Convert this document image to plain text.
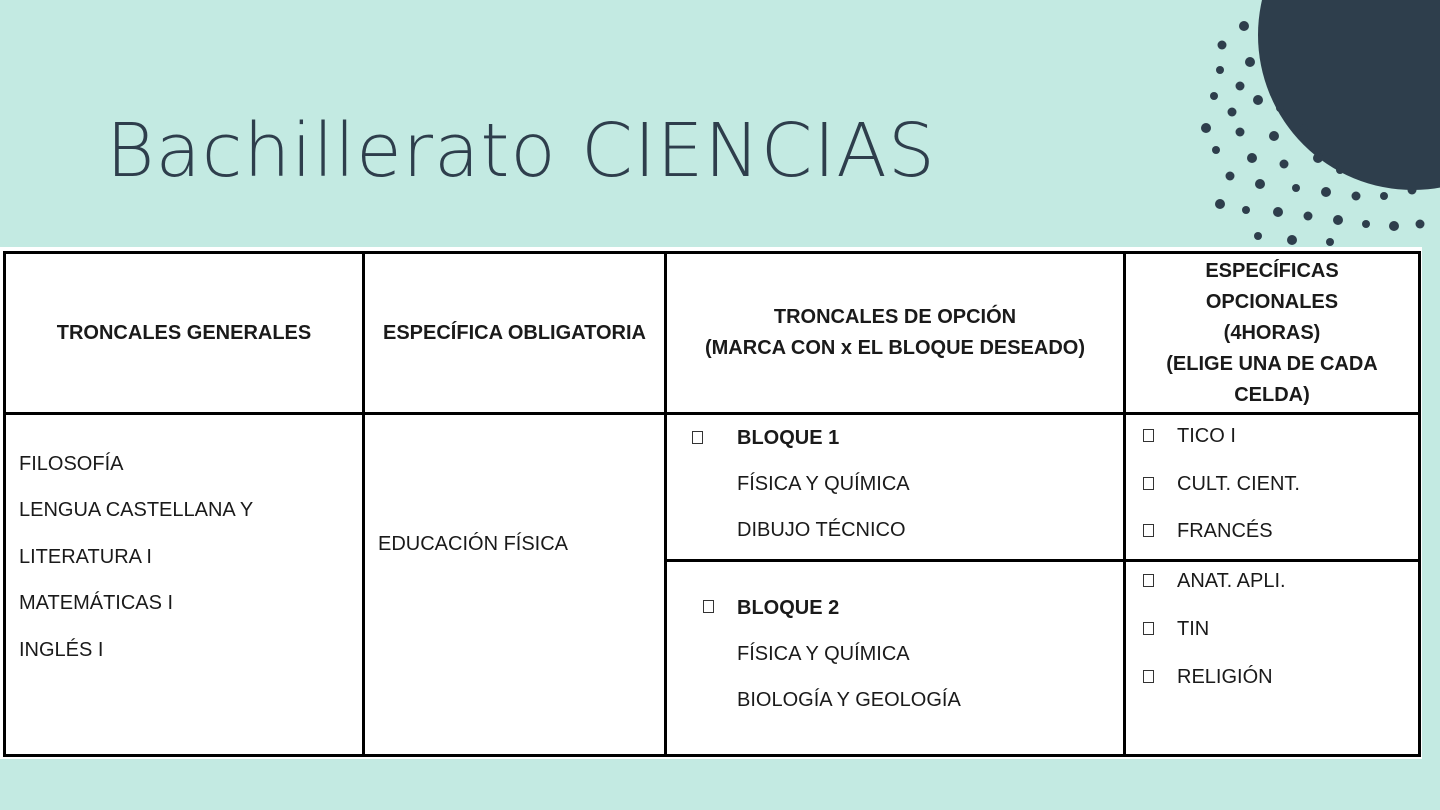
Bachillerato CIENCIAS
TRONCALES GENERALES	ESPECÍFICA OBLIGATORIA
TRONCALES DE OPCIÓN
(MARCA CON x EL BLOQUE DESEADO)
ESPECÍFICAS
OPCIONALES
(4HORAS)
(ELIGE UNA DE CADA
CELDA)
FILOSOFÍA
LENGUA CASTELLANA Y
LITERATURA I
MATEMÁTICAS I
INGLÉS I
EDUCACIÓN FÍSICA
BLOQUE 1
FÍSICA Y QUÍMICA
DIBUJO TÉCNICO
BLOQUE 2
FÍSICA Y QUÍMICA
BIOLOGÍA Y GEOLOGÍA
TICO I
CULT. CIENT.
FRANCÉS
ANAT. APLI.
TIN
RELIGIÓN
